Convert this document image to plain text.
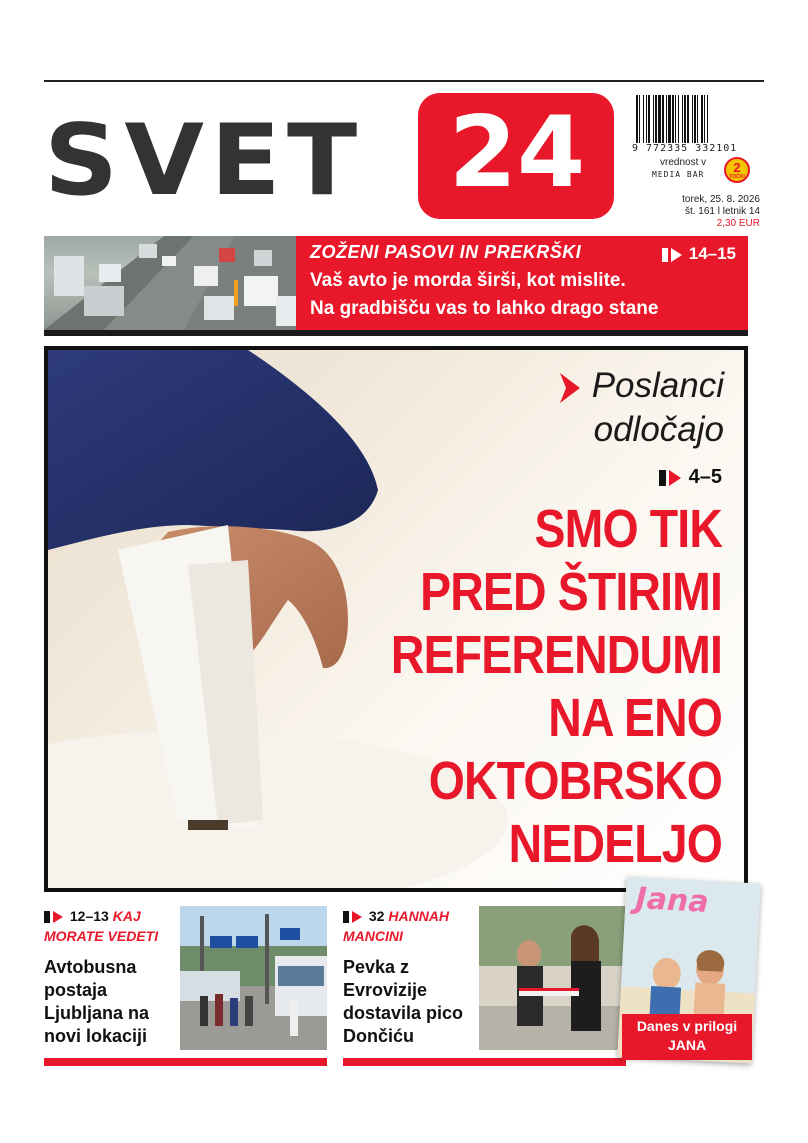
SVET 24	9 772335 332101
vrednost v
MEDIA BAR	2
TOČKI
torek, 25. 8. 2026
št. 161 l letnik 14
2,30 EUR
ZOŽENI PASOVI IN PREKRŠKI	14–15
Vaš avto je morda širši, kot mislite.
Na gradbišču vas to lahko drago stane
Poslanci
odločajo
4–5
SMO TIK
PRED ŠTIRIMI
REFERENDUMI
NA ENO
OKTOBRSKO
NEDELJO
12–13 KAJ MORATE VEDETI
Avtobusna postaja Ljubljana na novi lokaciji
32 HANNAH MANCINI
Pevka z Evrovizije dostavila pico Dončiću
Jana
Danes v prilogi
JANA
